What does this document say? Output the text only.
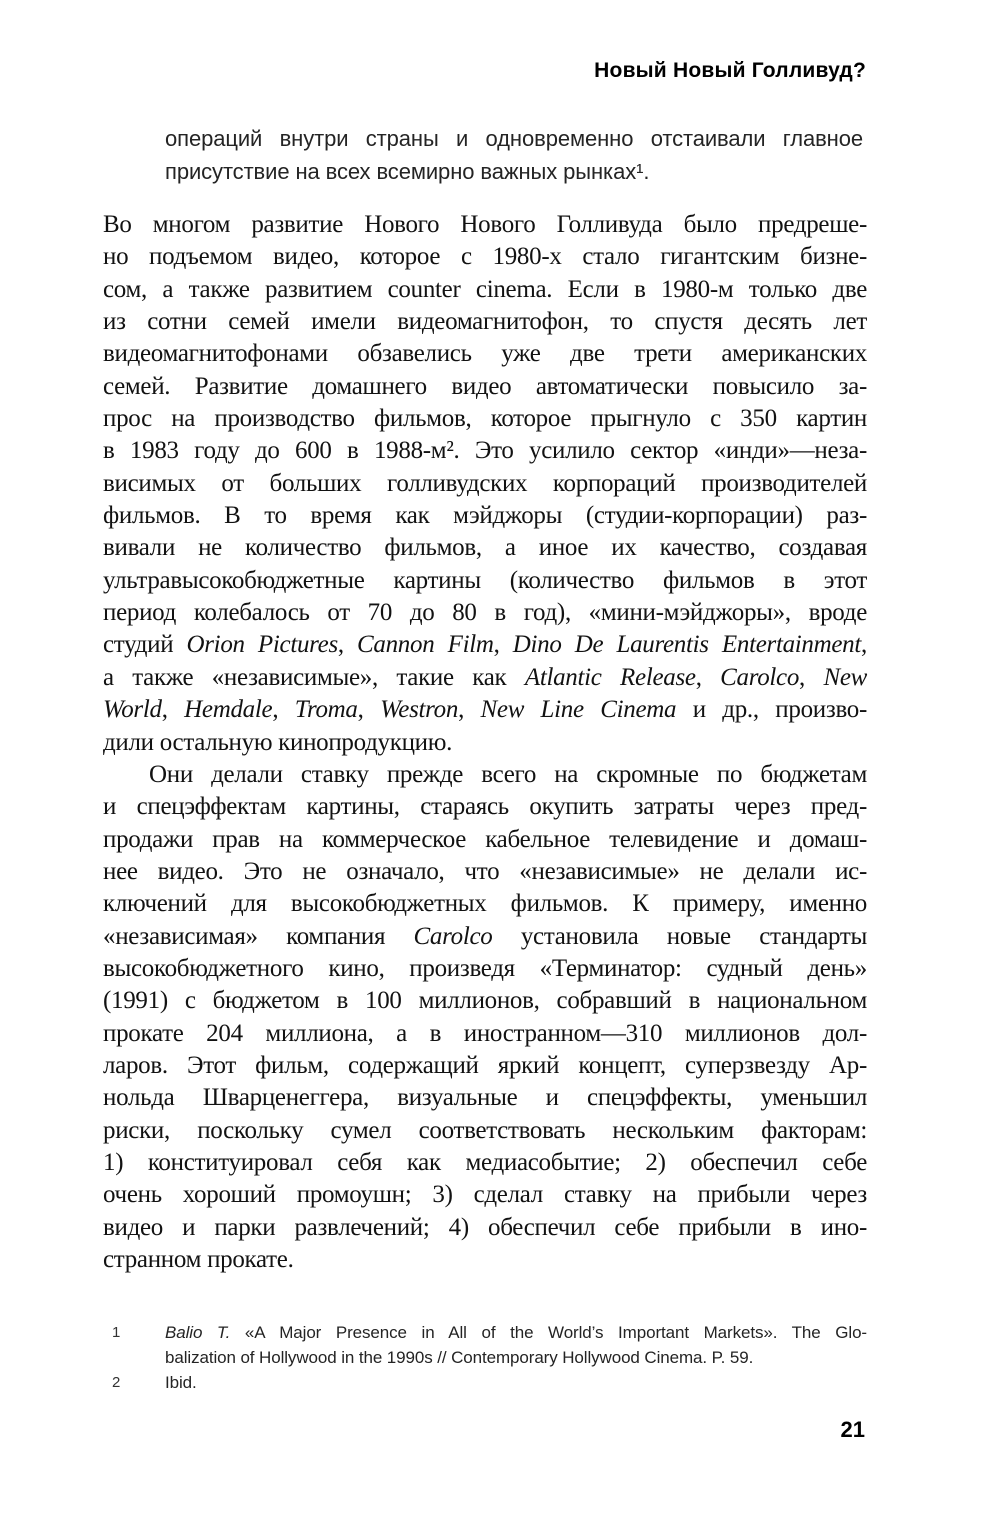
Новый Новый Голливуд?
операций внутри страны и одновременно отстаивали главное
присутствие на всех всемирно важных рынках¹.
Во многом развитие Нового Нового Голливуда было предреше-
но подъемом видео, которое с 1980-х стало гигантским бизне-
сом, а также развитием counter cinema. Если в 1980-м только две
из сотни семей имели видеомагнитофон, то спустя десять лет
видеомагнитофонами обзавелись уже две трети американских
семей. Развитие домашнего видео автоматически повысило за-
прос на производство фильмов, которое прыгнуло с 350 картин
в 1983 году до 600 в 1988-м². Это усилило сектор «инди»—неза-
висимых от больших голливудских корпораций производителей
фильмов. В то время как мэйджоры (студии-корпорации) раз-
вивали не количество фильмов, а иное их качество, создавая
ультравысокобюджетные картины (количество фильмов в этот
период колебалось от 70 до 80 в год), «мини-мэйджоры», вроде
студий Orion Pictures, Cannon Film, Dino De Laurentis Entertainment,
а также «независимые», такие как Atlantic Release, Carolco, New
World, Hemdale, Troma, Westron, New Line Cinema и др., произво-
дили остальную кинопродукцию.
Они делали ставку прежде всего на скромные по бюджетам
и спецэффектам картины, стараясь окупить затраты через пред-
продажи прав на коммерческое кабельное телевидение и домаш-
нее видео. Это не означало, что «независимые» не делали ис-
ключений для высокобюджетных фильмов. К примеру, именно
«независимая» компания Carolco установила новые стандарты
высокобюджетного кино, произведя «Терминатор: судный день»
(1991) с бюджетом в 100 миллионов, собравший в национальном
прокате 204 миллиона, а в иностранном—310 миллионов дол-
ларов. Этот фильм, содержащий яркий концепт, суперзвезду Ар-
нольда Шварценеггера, визуальные и спецэффекты, уменьшил
риски, поскольку сумел соответствовать нескольким факторам:
1) конституировал себя как медиасобытие; 2) обеспечил себе
очень хороший промоушн; 3) сделал ставку на прибыли через
видео и парки развлечений; 4) обеспечил себе прибыли в ино-
странном прокате.
1	Balio T. «A Major Presence in All of the World’s Important Markets». The Glo-
balization of Hollywood in the 1990s // Contemporary Hollywood Cinema. P. 59.
2	Ibid.
21
